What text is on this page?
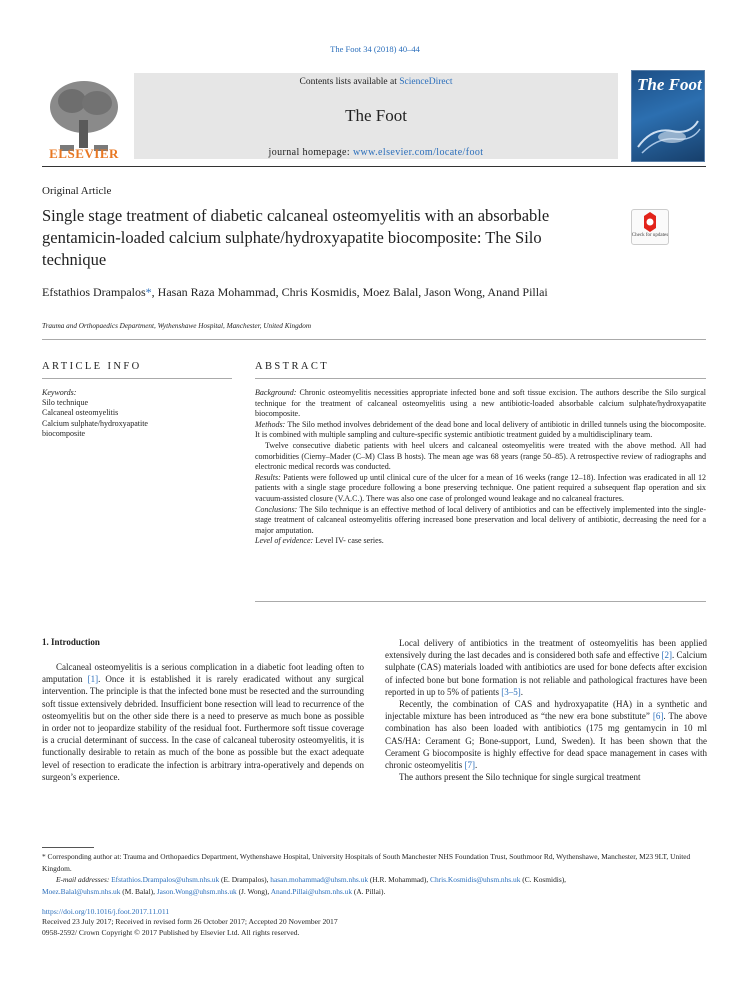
The Foot 34 (2018) 40–44
ELSEVIER
Contents lists available at ScienceDirect
The Foot
journal homepage: www.elsevier.com/locate/foot
The Foot
Original Article
Single stage treatment of diabetic calcaneal osteomyelitis with an absorbable gentamicin-loaded calcium sulphate/hydroxyapatite biocomposite: The Silo technique
Check for updates
Efstathios Drampalos*, Hasan Raza Mohammad, Chris Kosmidis, Moez Balal, Jason Wong, Anand Pillai
Trauma and Orthopaedics Department, Wythenshawe Hospital, Manchester, United Kingdom
ARTICLE INFO	ABSTRACT
Keywords:
Silo technique
Calcaneal osteomyelitis
Calcium sulphate/hydroxyapatite
biocomposite

Background: Chronic osteomyelitis necessities appropriate infected bone and soft tissue excision. The authors describe the Silo surgical technique for the treatment of calcaneal osteomyelitis using a new antibiotic-loaded absorbable calcium sulphate/hydroxyapatite biocomposite.

Methods: The Silo method involves debridement of the dead bone and local delivery of antibiotic in drilled tunnels using the biocomposite. It is combined with multiple sampling and culture-specific systemic antibiotic treatment guided by a multidisciplinary team.

Twelve consecutive diabetic patients with heel ulcers and calcaneal osteomyelitis were treated with the above method. All had comorbidities (Cierny–Mader (C–M) Class B hosts). The mean age was 68 years (range 50–85). A retrospective review of radiographs and electronic medical records was conducted.

Results: Patients were followed up until clinical cure of the ulcer for a mean of 16 weeks (range 12–18). Infection was eradicated in all 12 patients with a single stage procedure following a bone preserving technique. One patient required a subsequent flap operation and six vacuum-assisted closure (V.A.C.). There was also one case of prolonged wound leakage and no calcaneal fractures.

Conclusions: The Silo technique is an effective method of local delivery of antibiotics and can be effectively implemented into the single-stage treatment of calcaneal osteomyelitis offering increased bone preservation and local delivery of antibiotic, decreasing the need for a major amputation.

Level of evidence: Level IV- case series.

1. Introduction

Calcaneal osteomyelitis is a serious complication in a diabetic foot leading often to amputation [1]. Once it is established it is rarely eradicated without any surgical intervention. The principle is that the infected bone must be resected and the surrounding soft tissue extensively debrided. Insufficient bone resection will lead to recurrence of the osteomyelitis but on the other side there is a need to preserve as much bone as possible in order not to jeopardize stability of the residual foot. Furthermore soft tissue coverage is a crucial determinant of success. In the case of calcaneal tuberosity osteomyelitis, it is functionally desirable to retain as much of the bone as possible but the exact adequate level of resection to eradicate the infection is arbitrary intra-operatively and depends on surgeon’s experience.

Local delivery of antibiotics in the treatment of osteomyelitis has been applied extensively during the last decades and is considered both safe and effective [2]. Calcium sulphate (CAS) materials loaded with antibiotics are used for bone defects after excision of infected bone but bone formation is not reliable and pathological fractures have been reported in up to 5% of patients [3–5].

Recently, the combination of CAS and hydroxyapatite (HA) in a synthetic and injectable mixture has been introduced as “the new era bone substitute” [6]. The above combination has also been loaded with antibiotics (175 mg gentamycin in 10 ml CAS/HA: Cerament G; Bone-support, Lund, Sweden). It has been shown that the Cerament G biocomposite is highly effective for dead space management in cases with chronic osteomyelitis [7].

The authors present the Silo technique for single surgical treatment

* Corresponding author at: Trauma and Orthopaedics Department, Wythenshawe Hospital, University Hospitals of South Manchester NHS Foundation Trust, Southmoor Rd, Wythenshawe, Manchester, M23 9LT, United Kingdom.

E-mail addresses: Efstathios.Drampalos@uhsm.nhs.uk (E. Drampalos), hasan.mohammad@uhsm.nhs.uk (H.R. Mohammad), Chris.Kosmidis@uhsm.nhs.uk (C. Kosmidis),

Moez.Balal@uhsm.nhs.uk (M. Balal), Jason.Wong@uhsm.nhs.uk (J. Wong), Anand.Pillai@uhsm.nhs.uk (A. Pillai).

https://doi.org/10.1016/j.foot.2017.11.011
Received 23 July 2017; Received in revised form 26 October 2017; Accepted 20 November 2017
0958-2592/ Crown Copyright © 2017 Published by Elsevier Ltd. All rights reserved.
